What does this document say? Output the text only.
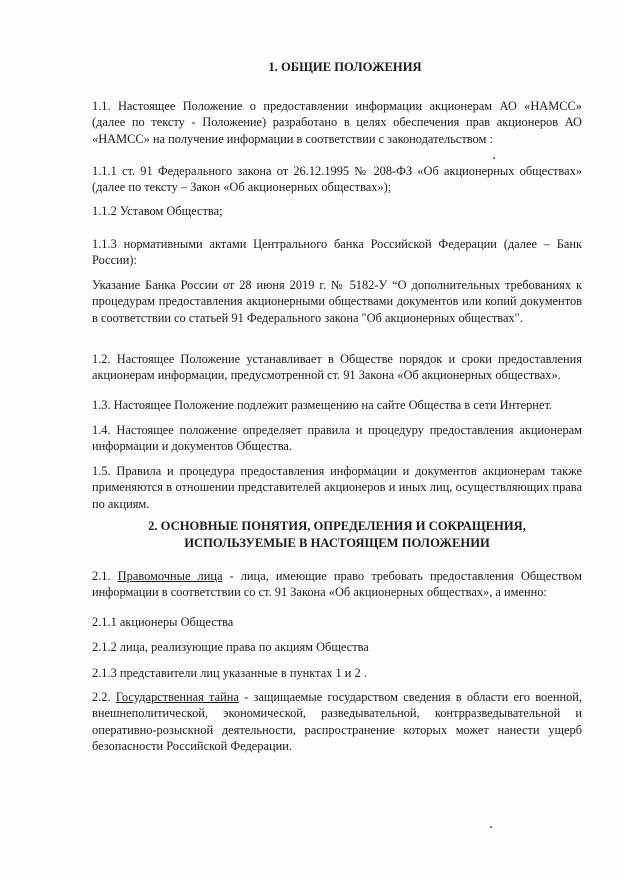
1. ОБЩИЕ ПОЛОЖЕНИЯ

1.1. Настоящее Положение о предоставлении информации акционерам АО «НАМСС» (далее по тексту - Положение) разработано в целях обеспечения прав акционеров АО «НАМСС» на получение информации в соответствии с законодательством :

1.1.1 ст. 91 Федерального закона от 26.12.1995 № 208-ФЗ «Об акционерных обществах» (далее по тексту – Закон «Об акционерных обществах»);

1.1.2 Уставом Общества;

1.1.3 нормативными актами Центрального банка Российской Федерации (далее – Банк России):

Указание Банка России от 28 июня 2019 г. № 5182-У “О дополнительных требованиях к процедурам предоставления акционерными обществами документов или копий документов в соответствии со статьей 91 Федерального закона "Об акционерных обществах".

1.2. Настоящее Положение устанавливает в Обществе порядок и сроки предоставления акционерам информации, предусмотренной ст. 91 Закона «Об акционерных обществах».

1.3. Настоящее Положение подлежит размещению на сайте Общества в сети Интернет.

1.4. Настоящее положение определяет правила и процедуру предоставления акционерам информации и документов Общества.

1.5. Правила и процедура предоставления информации и документов акционерам также применяются в отношении представителей акционеров и иных лиц, осуществляющих права по акциям.

2. ОСНОВНЫЕ ПОНЯТИЯ, ОПРЕДЕЛЕНИЯ И СОКРАЩЕНИЯ,
ИСПОЛЬЗУЕМЫЕ В НАСТОЯЩЕМ ПОЛОЖЕНИИ

2.1. Правомочные лица - лица, имеющие право требовать предоставления Обществом информации в соответствии со ст. 91 Закона «Об акционерных обществах», а именно:

2.1.1 акционеры Общества

2.1.2 лица, реализующие права по акциям Общества

2.1.3 представители лиц указанные в пунктах 1 и 2 .

2.2. Государственная тайна - защищаемые государством сведения в области его военной, внешнеполитической, экономической, разведывательной, контрразведывательной и оперативно-розыскной деятельности, распространение которых может нанести ущерб безопасности Российской Федерации.
